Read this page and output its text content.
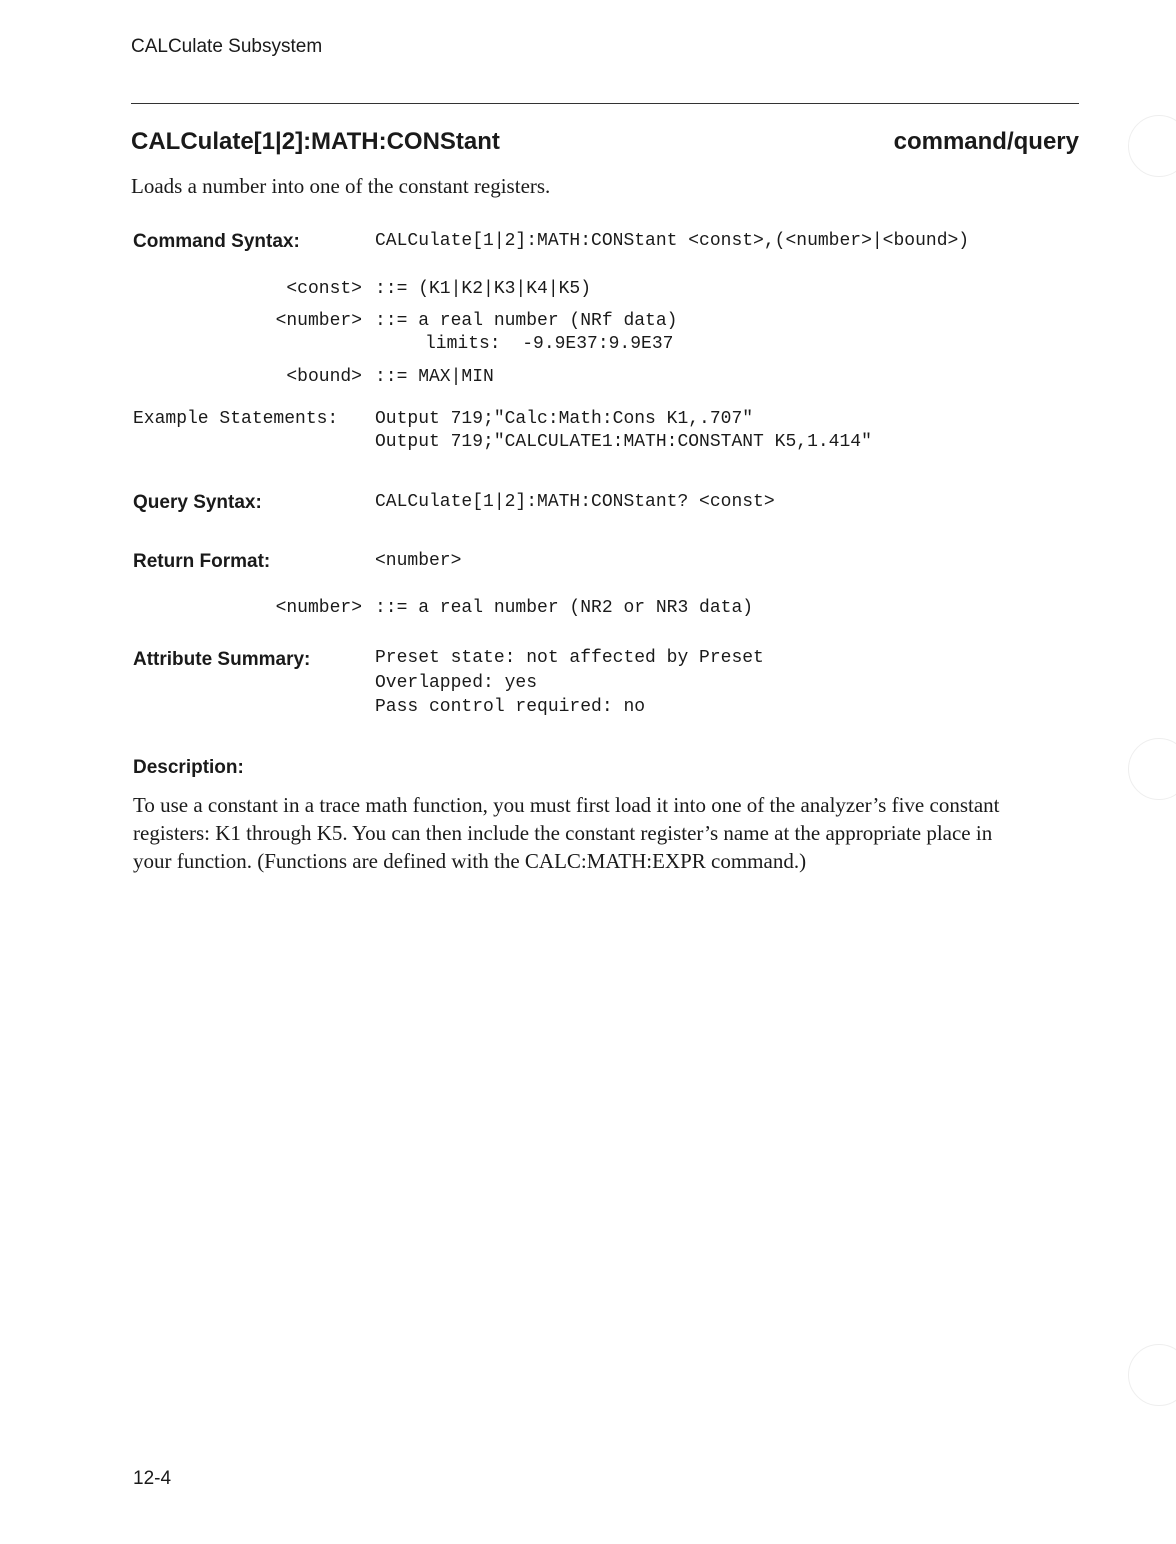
CALCulate Subsystem
CALCulate[1|2]:MATH:CONStant	command/query
Loads a number into one of the constant registers.
Command Syntax:	CALCulate[1|2]:MATH:CONStant <const>,(<number>|<bound>)
<const> ::= (K1|K2|K3|K4|K5)
<number> ::= a real number (NRf data)
limits:  -9.9E37:9.9E37
<bound> ::= MAX|MIN
Example Statements: Output 719;"Calc:Math:Cons K1,.707"
Output 719;"CALCULATE1:MATH:CONSTANT K5,1.414"
Query Syntax:	CALCulate[1|2]:MATH:CONStant? <const>
Return Format:	<number>
<number> ::= a real number (NR2 or NR3 data)
Attribute Summary:	Preset state: not affected by Preset
Overlapped: yes
Pass control required: no
Description:
To use a constant in a trace math function, you must first load it into one of the analyzer’s five constant registers: K1 through K5. You can then include the constant register’s name at the appropriate place in your function. (Functions are defined with the CALC:MATH:EXPR command.)
12-4
